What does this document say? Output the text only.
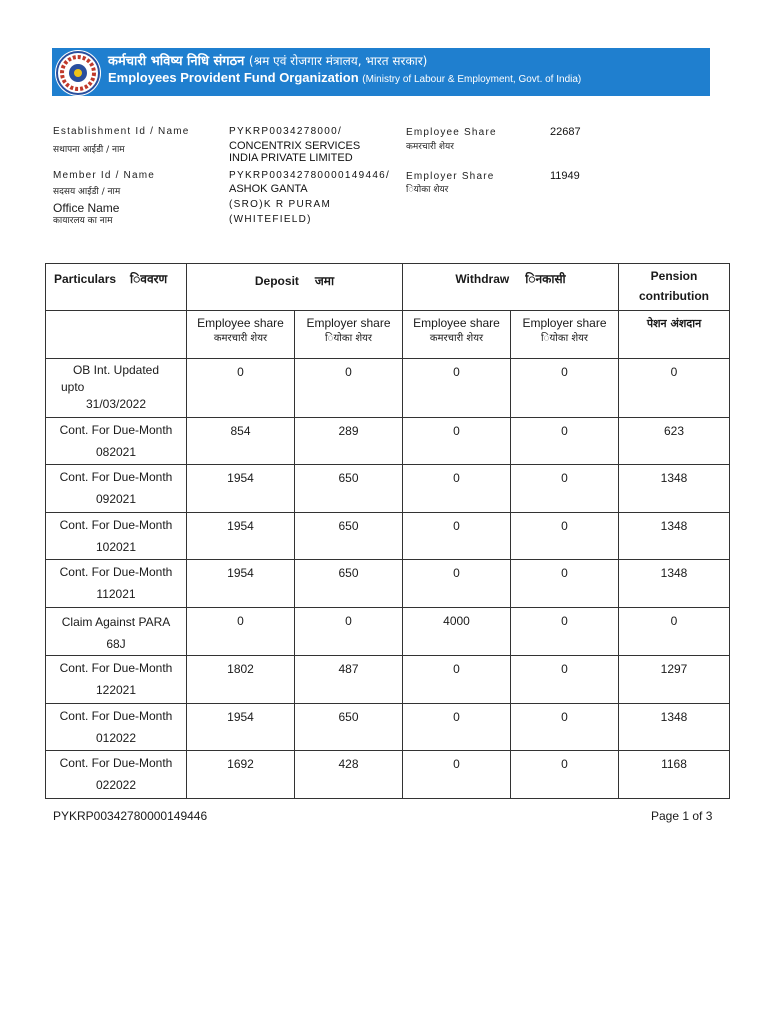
कर्मचारी भविष्य निधि संगठन (श्रम एवं रोजगार मंत्रालय, भारत सरकार)
Employees Provident Fund Organization (Ministry of Labour & Employment, Govt. of India)
Establishment Id / Name
सथापना आईडी / नाम
PYKRP0034278000/
CONCENTRIX SERVICES
INDIA PRIVATE LIMITED
Member Id / Name
सदसय आईडी / नाम
PYKRP00342780000149446/
ASHOK GANTA
Office Name
कायारलय का नाम
(SRO)K R PURAM
(WHITEFIELD)
Employee Share
कमरचारी शेयर
22687
Employer Share
ियोका शेयर
11949
Particulars िववरण	Deposit जमा		Withdraw िनकासी		Pension
contribution
	Employee share
कमरचारी शेयर	Employer share
ियोका शेयर	Employee share
कमरचारी शेयर	Employer share
ियोका शेयर	पेशन अंशदान

OB Int. Updated
upto
31/03/2022	0	0	0	0	0
Cont. For Due-Month
082021	854	289	0	0	623
Cont. For Due-Month
092021	1954	650	0	0	1348
Cont. For Due-Month
102021	1954	650	0	0	1348
Cont. For Due-Month
112021	1954	650	0	0	1348
Claim Against PARA
68J	0	0	4000	0	0
Cont. For Due-Month
122021	1802	487	0	0	1297
Cont. For Due-Month
012022	1954	650	0	0	1348
Cont. For Due-Month
022022	1692	428	0	0	1168
PYKRP00342780000149446	Page 1 of 3
